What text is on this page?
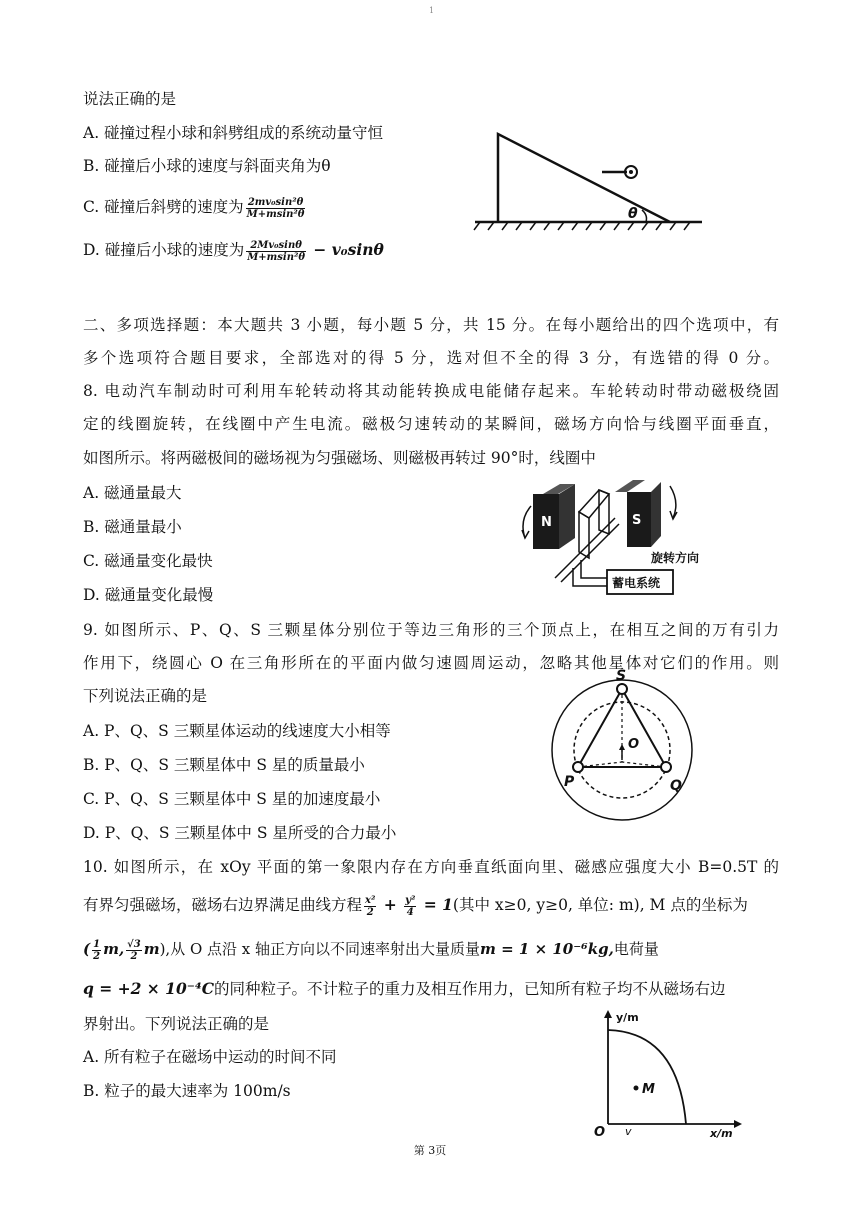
1
说法正确的是
A. 碰撞过程小球和斜劈组成的系统动量守恒
B. 碰撞后小球的速度与斜面夹角为θ
C. 碰撞后斜劈的速度为 $\frac{\text{2mv₀sin²θ}}{\text{M+msin²θ}}$
D. 碰撞后小球的速度为 $\frac{\text{2Mv₀sinθ}}{\text{M+msin²θ}} - v_0\sin\theta$
θ
二、多项选择题：本大题共 3 小题，每小题 5 分，共 15 分。在每小题给出的四个选项中，有
多个选项符合题目要求，全部选对的得 5 分，选对但不全的得 3 分，有选错的得 0 分。
8. 电动汽车制动时可利用车轮转动将其动能转换成电能储存起来。车轮转动时带动磁极绕固
定的线圈旋转，在线圈中产生电流。磁极匀速转动的某瞬间，磁场方向恰与线圈平面垂直，
如图所示。将两磁极间的磁场视为匀强磁场、则磁极再转过 90°时，线圈中
A. 磁通量最大
B. 磁通量最小
C. 磁通量变化最快
D. 磁通量变化最慢
N	S
旋转方向
蓄电系统
9. 如图所示、P、Q、S 三颗星体分别位于等边三角形的三个顶点上，在相互之间的万有引力
作用下，绕圆心 O 在三角形所在的平面内做匀速圆周运动，忽略其他星体对它们的作用。则
下列说法正确的是
A. P、Q、S 三颗星体运动的线速度大小相等
B. P、Q、S 三颗星体中 S 星的质量最小
C. P、Q、S 三颗星体中 S 星的加速度最小
D. P、Q、S 三颗星体中 S 星所受的合力最小
S
O
P	Q
10. 如图所示，在 xOy 平面的第一象限内存在方向垂直纸面向里、磁感应强度大小 B=0.5T 的
有界匀强磁场，磁场右边界满足曲线方程 $\frac{\text{x²}}{2} + \frac{\text{y²}}{4} = 1$(其中 x≥0, y≥0, 单位: m), M 点的坐标为
( $\frac{1}{2} m$, $\frac{√3}{2} m$),从 O 点沿 x 轴正方向以不同速率射出大量质量m = 1 × 10⁻⁶kg,电荷量
q = +2 × 10⁻⁴C的同种粒子。不计粒子的重力及相互作用力，已知所有粒子均不从磁场右边
界射出。下列说法正确的是
A. 所有粒子在磁场中运动的时间不同
B. 粒子的最大速率为 100m/s	M
y/m
x/m
O v
第 3页
